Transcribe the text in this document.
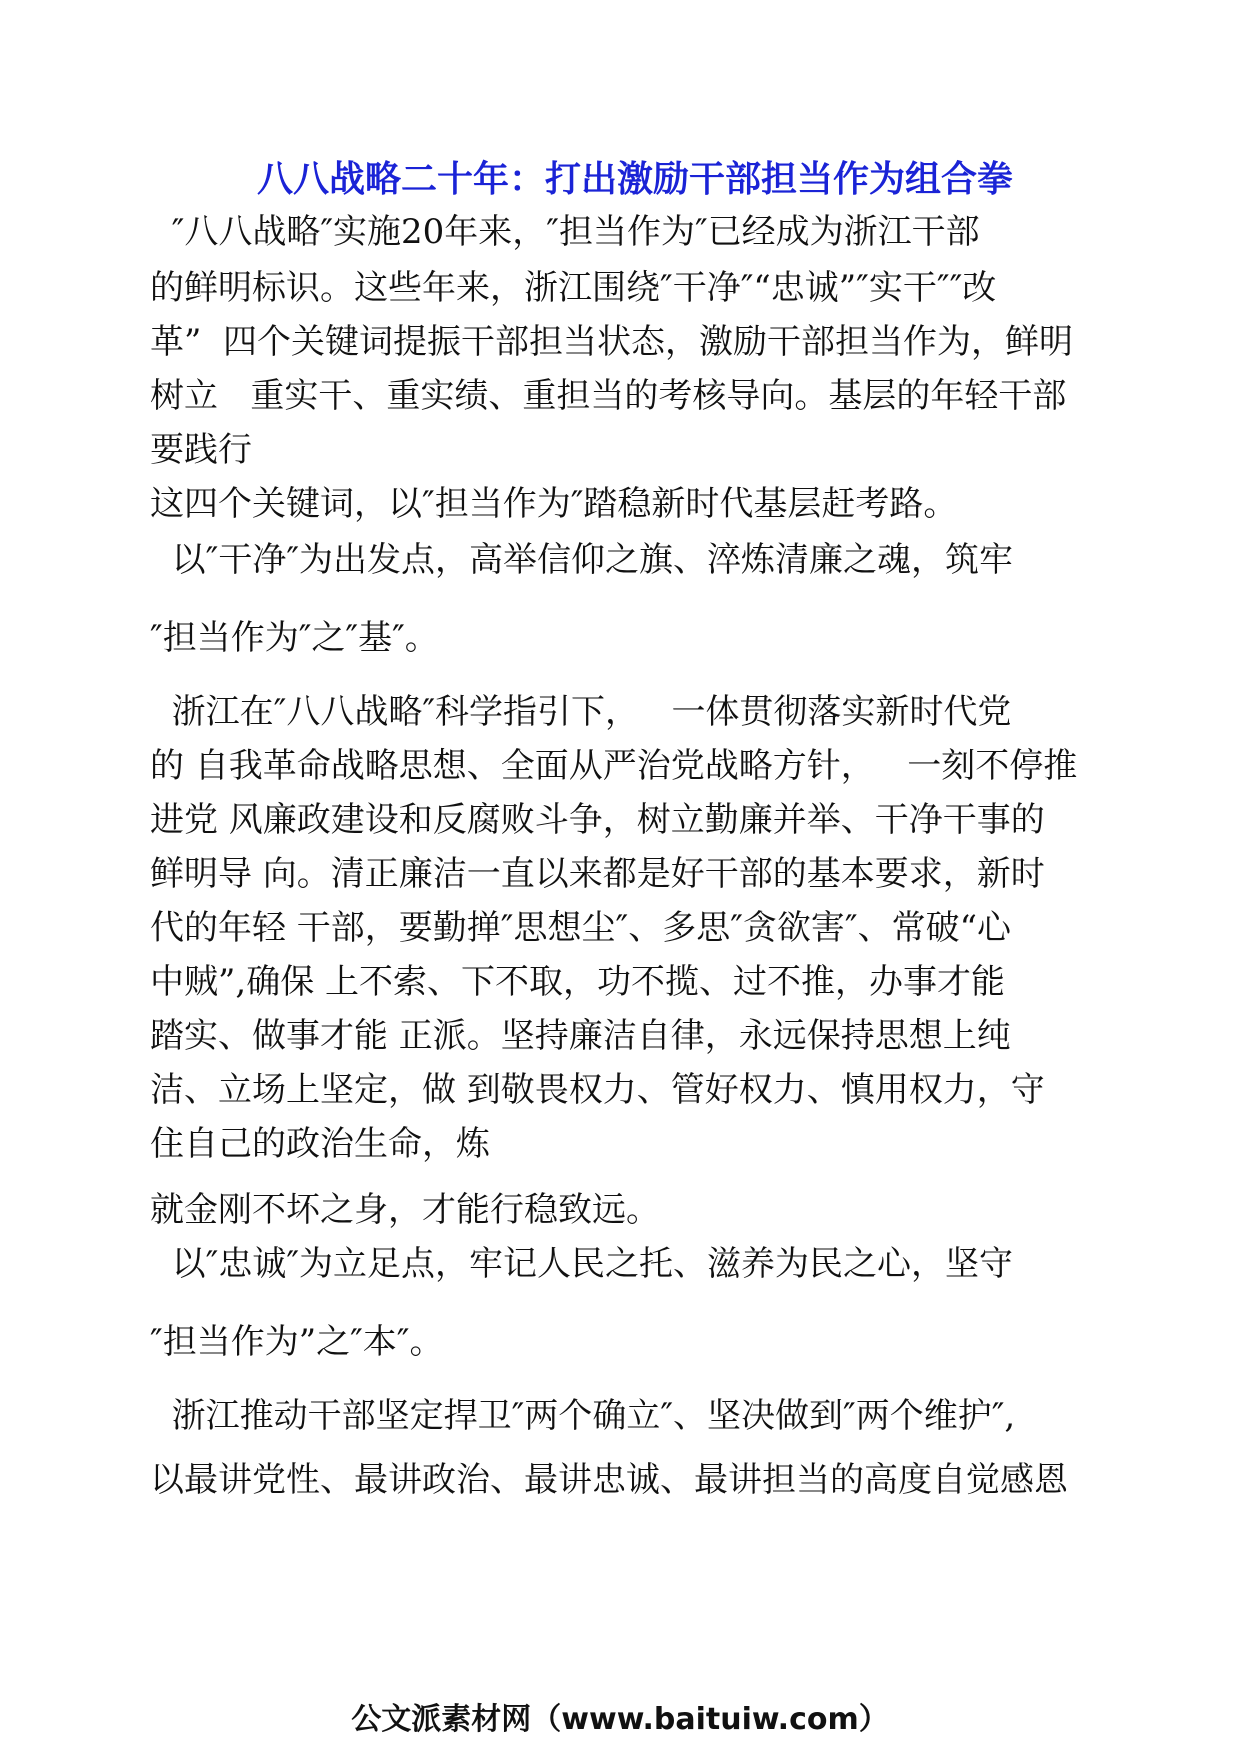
八八战略二十年：打出激励干部担当作为组合拳

″八八战略″实施20年来，″担当作为″已经成为浙江干部

的鲜明标识。这些年来，浙江围绕″干净″“忠诚”″实干″″改

革”  四个关键词提振干部担当状态，激励干部担当作为，鲜明

树立   重实干、重实绩、重担当的考核导向。基层的年轻干部

要践行

这四个关键词，以″担当作为″踏稳新时代基层赶考路。

以″干净″为出发点，高举信仰之旗、淬炼清廉之魂，筑牢

″担当作为″之″基″。

浙江在″八八战略″科学指引下，   一体贯彻落实新时代党

的 自我革命战略思想、全面从严治党战略方针，   一刻不停推

进党 风廉政建设和反腐败斗争，树立勤廉并举、干净干事的

鲜明导 向。清正廉洁一直以来都是好干部的基本要求，新时

代的年轻 干部，要勤掸″思想尘″、多思″贪欲害″、常破“心

中贼”,确保 上不索、下不取，功不揽、过不推，办事才能

踏实、做事才能 正派。坚持廉洁自律，永远保持思想上纯

洁、立场上坚定，做 到敬畏权力、管好权力、慎用权力，守

住自己的政治生命，炼

就金刚不坏之身，才能行稳致远。

以″忠诚″为立足点，牢记人民之托、滋养为民之心，坚守

″担当作为”之″本″。

浙江推动干部坚定捍卫″两个确立″、坚决做到″两个维护″,

以最讲党性、最讲政治、最讲忠诚、最讲担当的高度自觉感恩

公文派素材网（www.baituiw.com）
